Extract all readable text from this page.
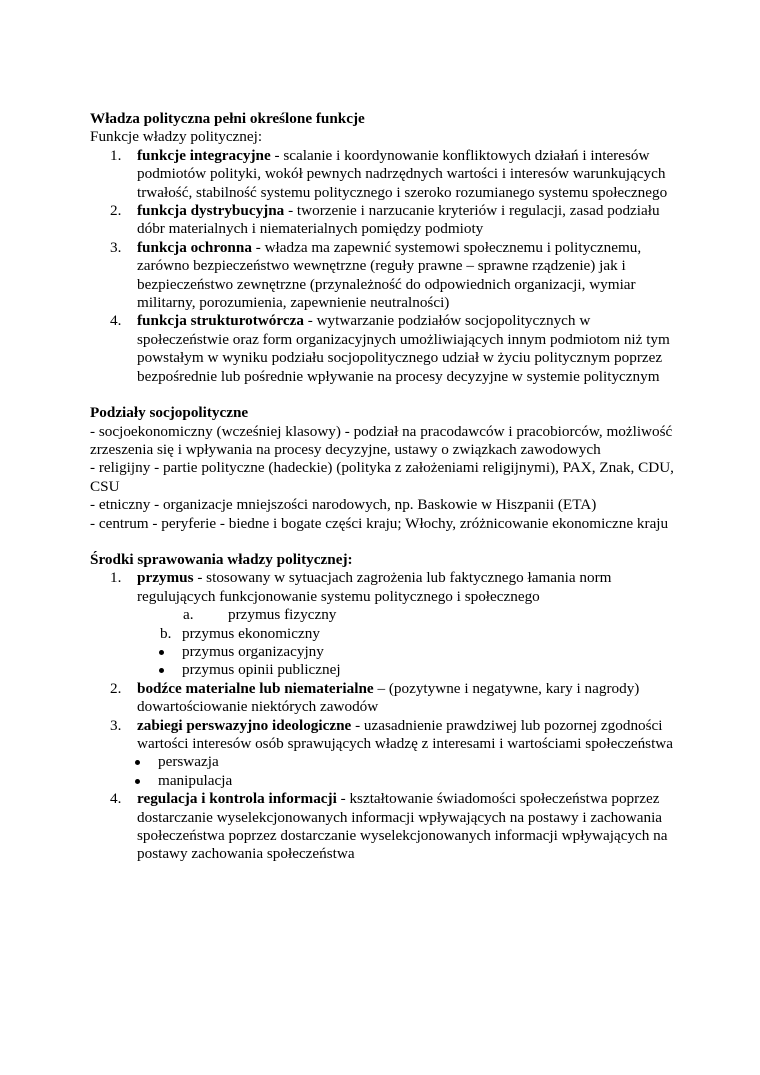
Władza polityczna pełni określone funkcje
Funkcje władzy politycznej:
1. funkcje integracyjne - scalanie i koordynowanie konfliktowych działań i interesów podmiotów polityki, wokół pewnych nadrzędnych wartości i interesów warunkujących trwałość, stabilność systemu politycznego i szeroko rozumianego systemu społecznego
2. funkcja dystrybucyjna - tworzenie i narzucanie kryteriów i regulacji, zasad podziału dóbr materialnych i niematerialnych pomiędzy podmioty
3. funkcja ochronna - władza ma zapewnić systemowi społecznemu i politycznemu, zarówno bezpieczeństwo wewnętrzne (reguły prawne – sprawne rządzenie) jak i bezpieczeństwo zewnętrzne (przynależność do odpowiednich organizacji, wymiar militarny, porozumienia, zapewnienie neutralności)
4. funkcja strukturotwórcza - wytwarzanie podziałów socjopolitycznych w społeczeństwie oraz form organizacyjnych umożliwiających innym podmiotom niż tym powstałym w wyniku podziału socjopolitycznego udział w życiu politycznym poprzez bezpośrednie lub pośrednie wpływanie na procesy decyzyjne w systemie politycznym
Podziały socjopolityczne
- socjoekonomiczny (wcześniej klasowy) - podział na pracodawców i pracobiorców, możliwość zrzeszenia się i wpływania na procesy decyzyjne, ustawy o związkach zawodowych
- religijny - partie polityczne (hadeckie) (polityka z założeniami religijnymi), PAX, Znak, CDU, CSU
- etniczny - organizacje mniejszości narodowych, np. Baskowie w Hiszpanii (ETA)
- centrum - peryferie - biedne i bogate części kraju; Włochy, zróżnicowanie ekonomiczne kraju
Środki sprawowania władzy politycznej:
1. przymus - stosowany w sytuacjach zagrożenia lub faktycznego łamania norm regulujących funkcjonowanie systemu politycznego i społecznego
a. przymus fizyczny
b. przymus ekonomiczny
przymus organizacyjny
przymus opinii publicznej
2. bodźce materialne lub niematerialne – (pozytywne i negatywne, kary i nagrody) dowartościowanie niektórych zawodów
3. zabiegi perswazyjno ideologiczne - uzasadnienie prawdziwej lub pozornej zgodności wartości interesów osób sprawujących władzę z interesami i wartościami społeczeństwa
perswazja
manipulacja
4. regulacja i kontrola informacji - kształtowanie świadomości społeczeństwa poprzez dostarczanie wyselekcjonowanych informacji wpływających na postawy i zachowania społeczeństwa poprzez dostarczanie wyselekcjonowanych informacji wpływających na postawy zachowania społeczeństwa
